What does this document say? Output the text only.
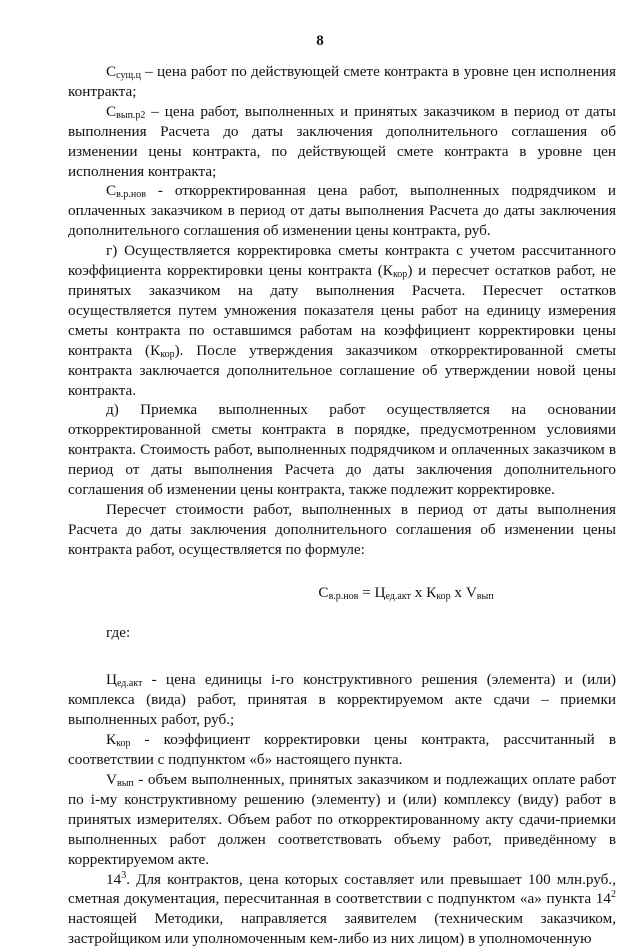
8

$С_{сущ.ц}$ – цена работ по действующей смете контракта в уровне цен исполнения контракта;

$С_{вып.р2}$ – цена работ, выполненных и принятых заказчиком в период от даты выполнения Расчета до даты заключения дополнительного соглашения об изменении цены контракта, по действующей смете контракта в уровне цен исполнения контракта;

$С_{в.р.нов}$ - откорректированная цена работ, выполненных подрядчиком и оплаченных заказчиком в период от даты выполнения Расчета до даты заключения дополнительного соглашения об изменении цены контракта, руб.

г) Осуществляется корректировка сметы контракта с учетом рассчитанного коэффициента корректировки цены контракта $(К_{кор})$ и пересчет остатков работ, не принятых заказчиком на дату выполнения Расчета. Пересчет остатков осуществляется путем умножения показателя цены работ на единицу измерения сметы контракта по оставшимся работам на коэффициент корректировки цены контракта $(К_{кор})$. После утверждения заказчиком откорректированной сметы контракта заключается дополнительное соглашение об утверждении новой цены контракта.

д) Приемка выполненных работ осуществляется на основании откорректированной сметы контракта в порядке, предусмотренном условиями контракта. Стоимость работ, выполненных подрядчиком и оплаченных заказчиком в период от даты выполнения Расчета до даты заключения дополнительного соглашения об изменении цены контракта, также подлежит корректировке.

Пересчет стоимости работ, выполненных в период от даты выполнения Расчета до даты заключения дополнительного соглашения об изменении цены контракта работ, осуществляется по формуле:

$С_{в.р.нов} = Ц_{ед.акт}$ х $К_{кор}$ х $V_{вып}$

где:

$Ц_{ед.акт}$ - цена единицы i-го конструктивного решения (элемента) и (или) комплекса (вида) работ, принятая в корректируемом акте сдачи – приемки выполненных работ, руб.;

$К_{кор}$ - коэффициент корректировки цены контракта, рассчитанный в соответствии с подпунктом «б» настоящего пункта.

$V_{вып}$ - объем выполненных, принятых заказчиком и подлежащих оплате работ по i-му конструктивному решению (элементу) и (или) комплексу (виду) работ в принятых измерителях. Объем работ по откорректированному акту сдачи-приемки выполненных работ должен соответствовать объему работ, приведённому в корректируемом акте.

$14^3$. Для контрактов, цена которых составляет или превышает 100 млн.руб., сметная документация, пересчитанная в соответствии с подпунктом «а» пункта $14^2$ настоящей Методики, направляется заявителем (техническим заказчиком, застройщиком или уполномоченным кем-либо из них лицом) в уполномоченную
